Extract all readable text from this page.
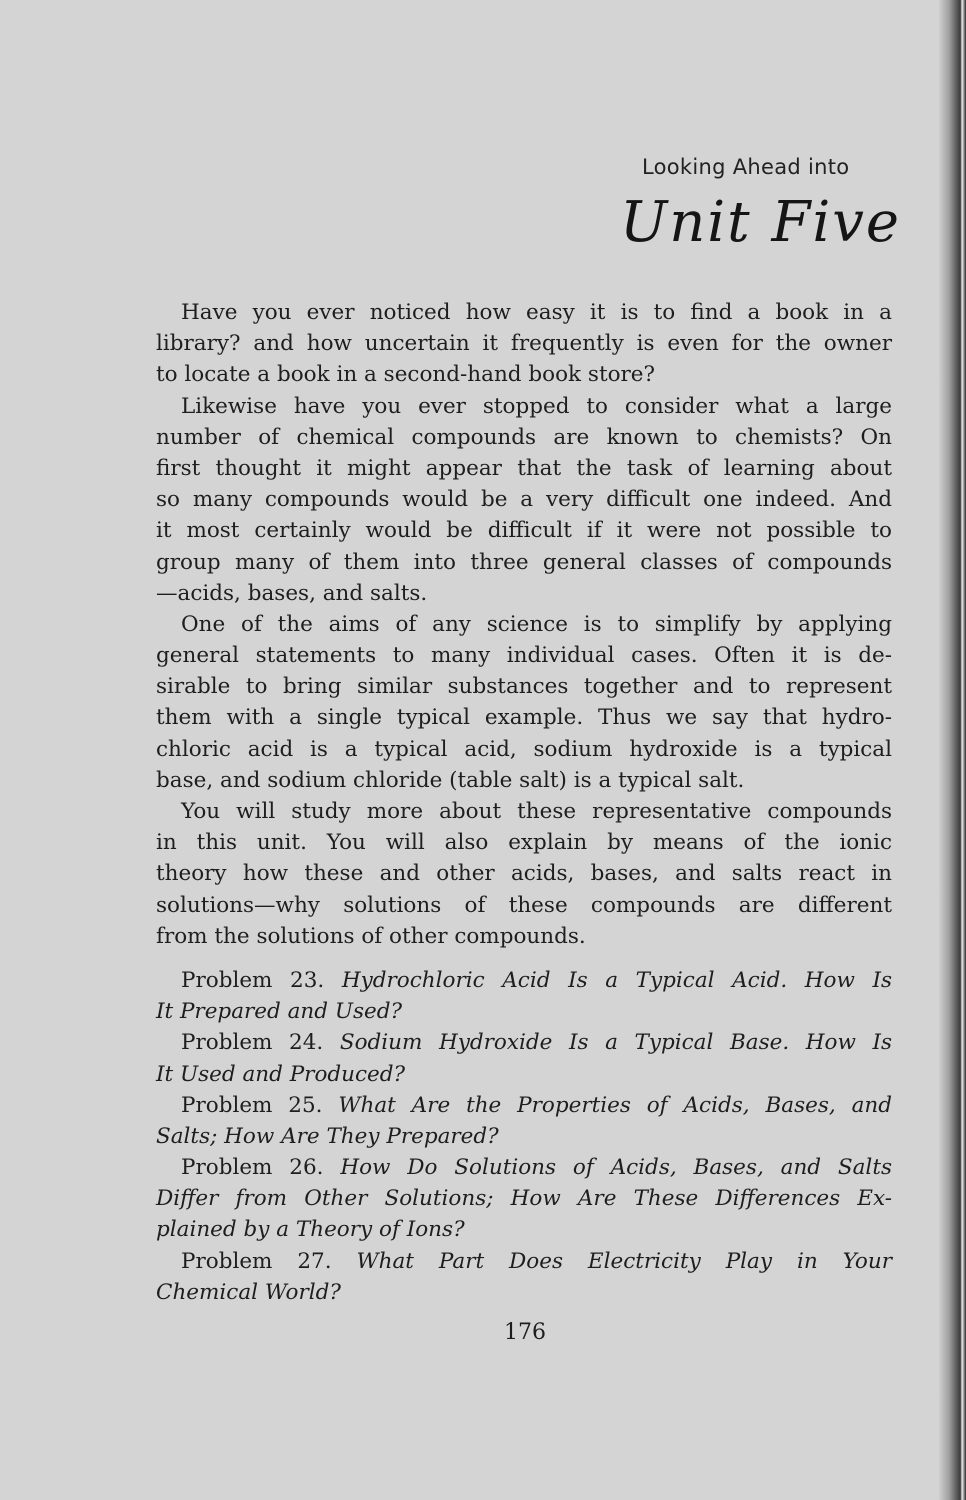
Looking Ahead into
Unit Five
Have you ever noticed how easy it is to find a book in a
library? and how uncertain it frequently is even for the owner
to locate a book in a second-hand book store?
Likewise have you ever stopped to consider what a large
number of chemical compounds are known to chemists? On
first thought it might appear that the task of learning about
so many compounds would be a very difficult one indeed. And
it most certainly would be difficult if it were not possible to
group many of them into three general classes of compounds
—acids, bases, and salts.
One of the aims of any science is to simplify by applying
general statements to many individual cases. Often it is de-
sirable to bring similar substances together and to represent
them with a single typical example. Thus we say that hydro-
chloric acid is a typical acid, sodium hydroxide is a typical
base, and sodium chloride (table salt) is a typical salt.
You will study more about these representative compounds
in this unit. You will also explain by means of the ionic
theory how these and other acids, bases, and salts react in
solutions—why solutions of these compounds are different
from the solutions of other compounds.
Problem 23. Hydrochloric Acid Is a Typical Acid. How Is
It Prepared and Used?
Problem 24. Sodium Hydroxide Is a Typical Base. How Is
It Used and Produced?
Problem 25. What Are the Properties of Acids, Bases, and
Salts; How Are They Prepared?
Problem 26. How Do Solutions of Acids, Bases, and Salts
Differ from Other Solutions; How Are These Differences Ex-
plained by a Theory of Ions?
Problem 27. What Part Does Electricity Play in Your
Chemical World?
176
